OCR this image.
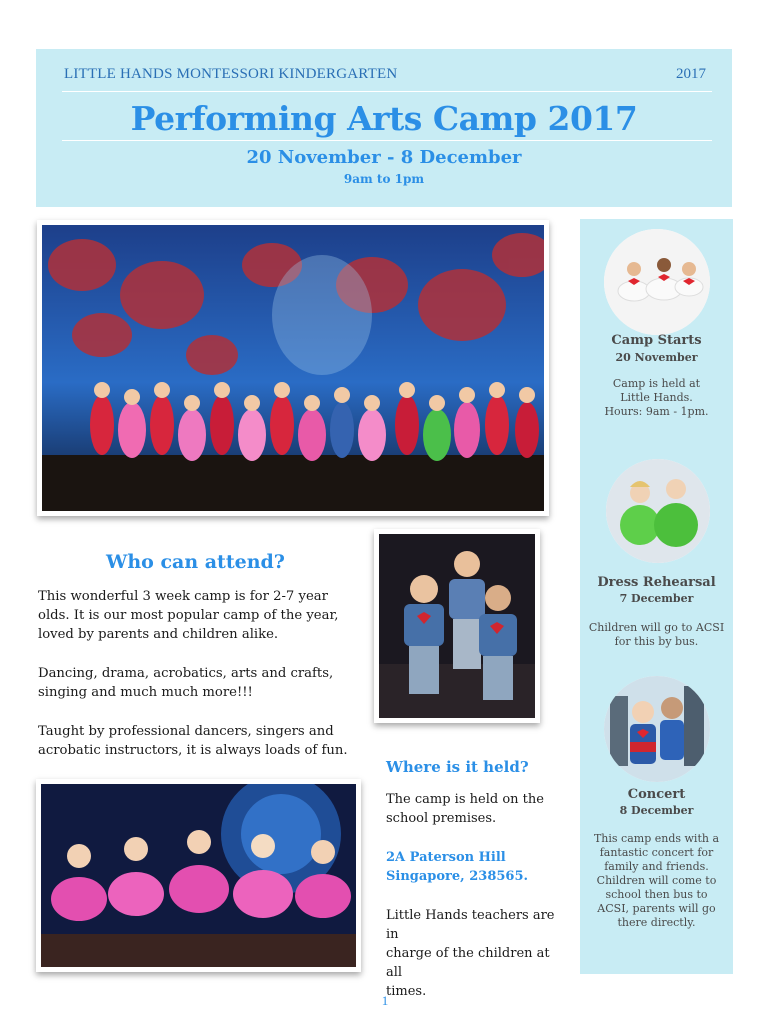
LITTLE HANDS MONTESSORI KINDERGARTEN	2017
Performing Arts Camp 2017
20 November - 8 December
9am to 1pm
Camp Starts
20 November
Camp is held at
Little Hands.
Hours: 9am - 1pm.
Dress Rehearsal
7 December
Children will go to ACSI
for this by bus.
Concert
8 December
This camp ends with a
fantastic concert for
family and friends.
Children will come to
school then bus to
ACSI, parents will go
there directly.
Who can attend?
This wonderful 3 week camp is for 2-7 year
olds. It is our most popular camp of the year,
loved by parents and children alike.
Dancing, drama, acrobatics, arts and crafts,
singing and much much more!!!
Taught by professional dancers, singers and
acrobatic instructors, it is always loads of fun.
Where is it held?
The camp is held on the
school premises.
2A Paterson Hill
Singapore, 238565.
Little Hands teachers are in
charge of the children at all
times.
1
